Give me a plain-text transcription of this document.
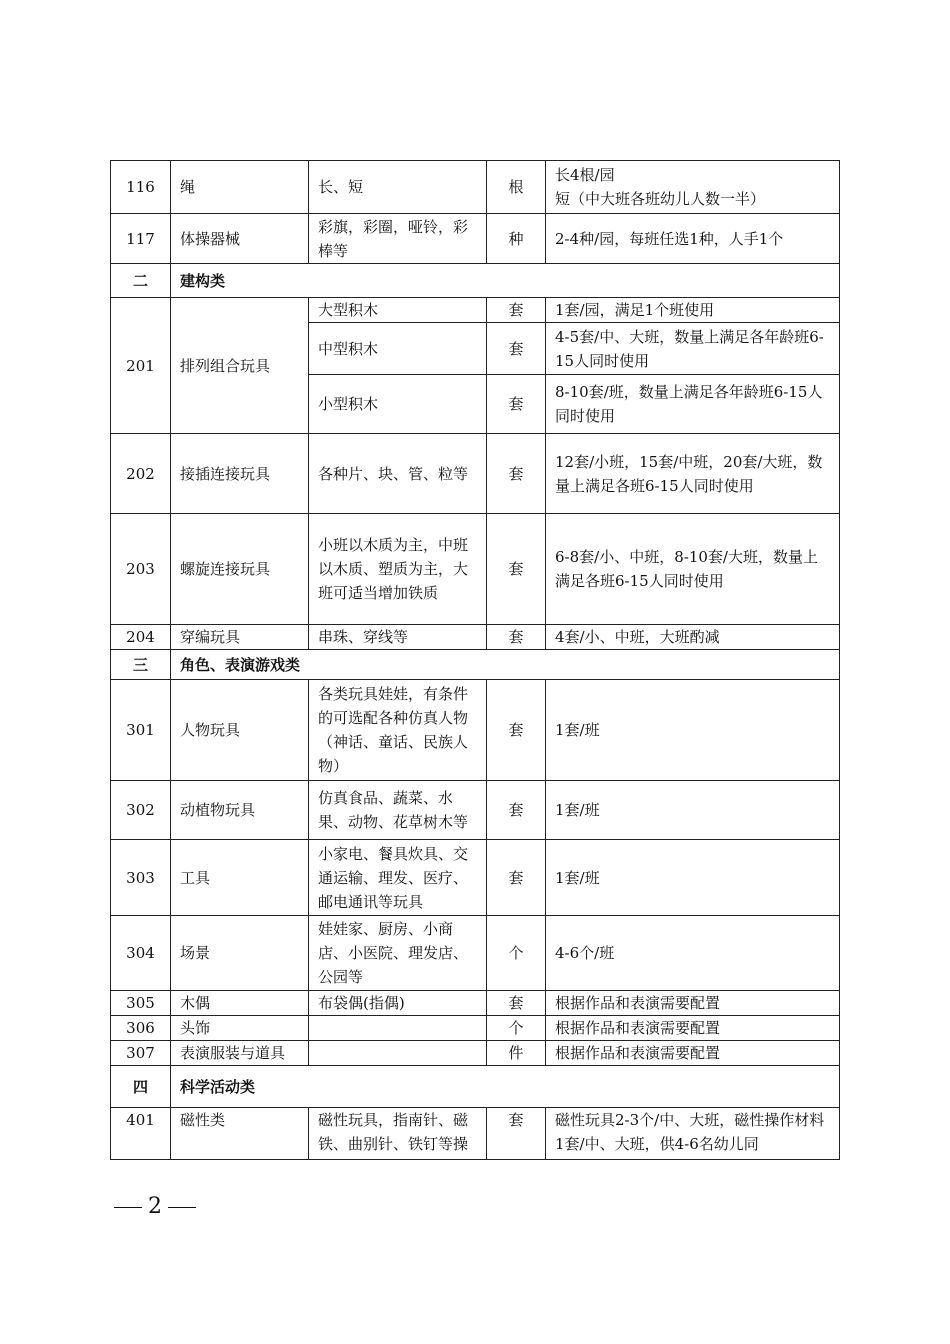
116	绳	长、短	根	长4根/园
短（中大班各班幼儿人数一半）
117	体操器械	彩旗，彩圈，哑铃，彩棒等	种	2-4种/园，每班任选1种，人手1个
二	建构类			
201	排列组合玩具	大型积木	套	1套/园，满足1个班使用
		中型积木	套	4-5套/中、大班，数量上满足各年龄班6-15人同时使用
		小型积木	套	8-10套/班，数量上满足各年龄班6-15人同时使用
202	接插连接玩具	各种片、块、管、粒等	套	12套/小班，15套/中班，20套/大班，数量上满足各班6-15人同时使用
203	螺旋连接玩具	小班以木质为主，中班以木质、塑质为主，大班可适当增加铁质	套	6-8套/小、中班，8-10套/大班，数量上满足各班6-15人同时使用
204	穿编玩具	串珠、穿线等	套	4套/小、中班，大班酌减
三	角色、表演游戏类			
301	人物玩具	各类玩具娃娃，有条件的可选配各种仿真人物（神话、童话、民族人物）	套	1套/班
302	动植物玩具	仿真食品、蔬菜、水果、动物、花草树木等	套	1套/班
303	工具	小家电、餐具炊具、交通运输、理发、医疗、邮电通讯等玩具	套	1套/班
304	场景	娃娃家、厨房、小商店、小医院、理发店、公园等	个	4-6个/班
305	木偶	布袋偶(指偶)	套	根据作品和表演需要配置
306	头饰		个	根据作品和表演需要配置
307	表演服装与道具		件	根据作品和表演需要配置
四	科学活动类			
401	磁性类	磁性玩具，指南针、磁铁、曲别针、铁钉等操	套	磁性玩具2-3个/中、大班，磁性操作材料1套/中、大班，供4-6名幼儿同
2
